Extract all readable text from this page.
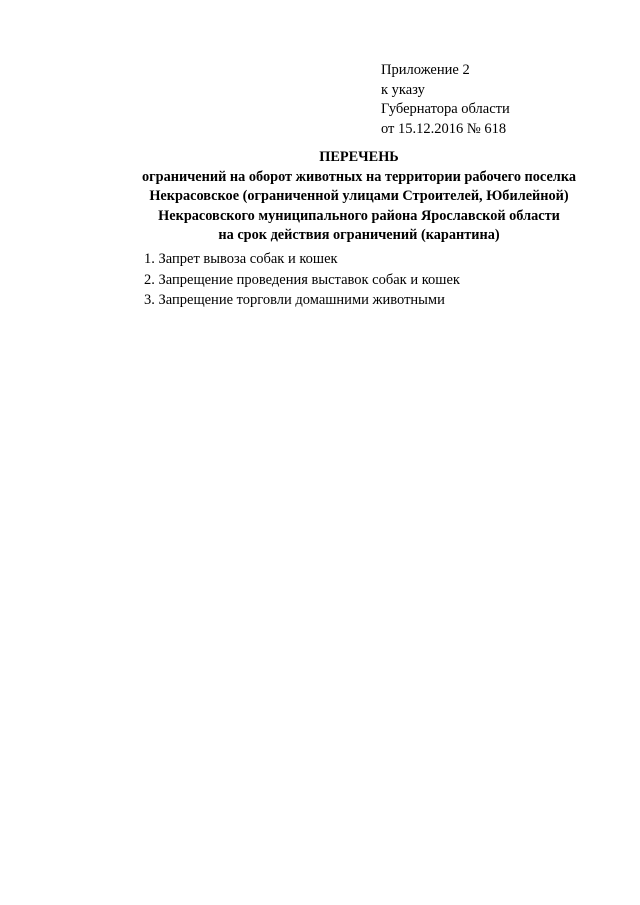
Приложение 2
к указу
Губернатора области
от 15.12.2016 № 618
ПЕРЕЧЕНЬ
ограничений на оборот животных на территории рабочего поселка
Некрасовское (ограниченной улицами Строителей, Юбилейной)
Некрасовского муниципального района Ярославской области
на срок действия ограничений (карантина)
1. Запрет вывоза собак и кошек
2. Запрещение проведения выставок собак и кошек
3. Запрещение торговли домашними животными
